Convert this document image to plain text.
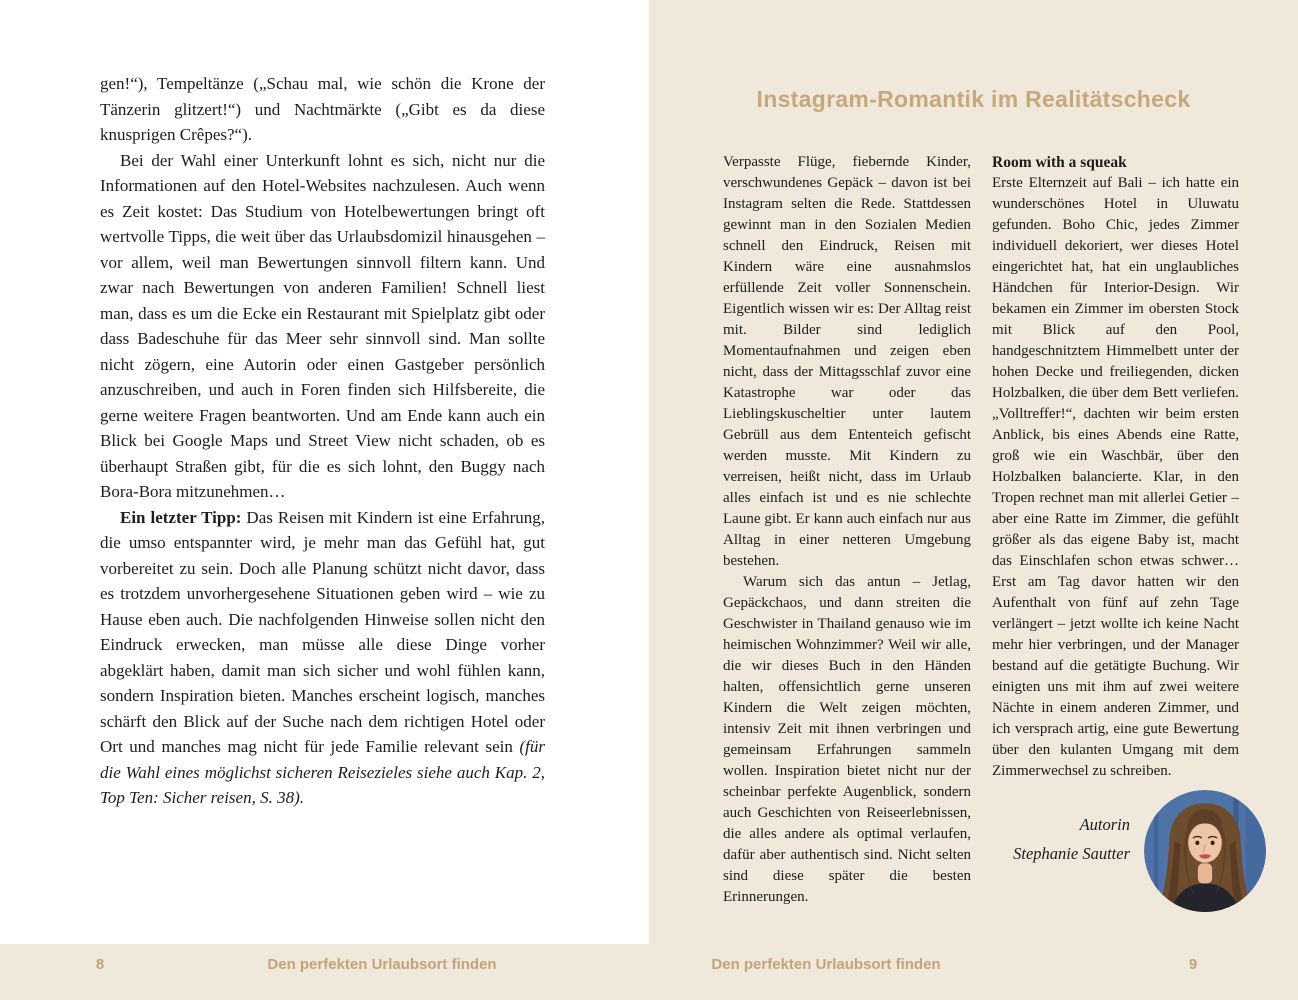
gen!“), Tempeltänze („Schau mal, wie schön die Krone der Tänzerin glitzert!“) und Nachtmärkte („Gibt es da diese knusprigen Crêpes?“).

Bei der Wahl einer Unterkunft lohnt es sich, nicht nur die Informationen auf den Hotel-Websites nachzulesen. Auch wenn es Zeit kostet: Das Studium von Hotelbewertungen bringt oft wertvolle Tipps, die weit über das Urlaubsdomizil hinausgehen – vor allem, weil man Bewertungen sinnvoll filtern kann. Und zwar nach Bewertungen von anderen Familien! Schnell liest man, dass es um die Ecke ein Restaurant mit Spielplatz gibt oder dass Badeschuhe für das Meer sehr sinnvoll sind. Man sollte nicht zögern, eine Autorin oder einen Gastgeber persönlich anzuschreiben, und auch in Foren finden sich Hilfsbereite, die gerne weitere Fragen beantworten. Und am Ende kann auch ein Blick bei Google Maps und Street View nicht schaden, ob es überhaupt Straßen gibt, für die es sich lohnt, den Buggy nach Bora-Bora mitzunehmen…

Ein letzter Tipp: Das Reisen mit Kindern ist eine Erfahrung, die umso entspannter wird, je mehr man das Gefühl hat, gut vorbereitet zu sein. Doch alle Planung schützt nicht davor, dass es trotzdem unvorhergesehene Situationen geben wird – wie zu Hause eben auch. Die nachfolgenden Hinweise sollen nicht den Eindruck erwecken, man müsse alle diese Dinge vorher abgeklärt haben, damit man sich sicher und wohl fühlen kann, sondern Inspiration bieten. Manches erscheint logisch, manches schärft den Blick auf der Suche nach dem richtigen Hotel oder Ort und manches mag nicht für jede Familie relevant sein (für die Wahl eines möglichst sicheren Reisezieles siehe auch Kap. 2, Top Ten: Sicher reisen, S. 38).

Instagram-Romantik im Realitätscheck

Verpasste Flüge, fiebernde Kinder, verschwundenes Gepäck – davon ist bei Instagram selten die Rede. Stattdessen gewinnt man in den Sozialen Medien schnell den Eindruck, Reisen mit Kindern wäre eine ausnahmslos erfüllende Zeit voller Sonnenschein. Eigentlich wissen wir es: Der Alltag reist mit. Bilder sind lediglich Momentaufnahmen und zeigen eben nicht, dass der Mittagsschlaf zuvor eine Katastrophe war oder das Lieblingskuscheltier unter lautem Gebrüll aus dem Ententeich gefischt werden musste. Mit Kindern zu verreisen, heißt nicht, dass im Urlaub alles einfach ist und es nie schlechte Laune gibt. Er kann auch einfach nur aus Alltag in einer netteren Umgebung bestehen.

Warum sich das antun – Jetlag, Gepäckchaos, und dann streiten die Geschwister in Thailand genauso wie im heimischen Wohnzimmer? Weil wir alle, die wir dieses Buch in den Händen halten, offensichtlich gerne unseren Kindern die Welt zeigen möchten, intensiv Zeit mit ihnen verbringen und gemeinsam Erfahrungen sammeln wollen. Inspiration bietet nicht nur der scheinbar perfekte Augenblick, sondern auch Geschichten von Reiseerlebnissen, die alles andere als optimal verlaufen, dafür aber authentisch sind. Nicht selten sind diese später die besten Erinnerungen.

Room with a squeak

Erste Elternzeit auf Bali – ich hatte ein wunderschönes Hotel in Uluwatu gefunden. Boho Chic, jedes Zimmer individuell dekoriert, wer dieses Hotel eingerichtet hat, hat ein unglaubliches Händchen für Interior-Design. Wir bekamen ein Zimmer im obersten Stock mit Blick auf den Pool, handgeschnitztem Himmelbett unter der hohen Decke und freiliegenden, dicken Holzbalken, die über dem Bett verliefen. „Volltreffer!“, dachten wir beim ersten Anblick, bis eines Abends eine Ratte, groß wie ein Waschbär, über den Holzbalken balancierte. Klar, in den Tropen rechnet man mit allerlei Getier – aber eine Ratte im Zimmer, die gefühlt größer als das eigene Baby ist, macht das Einschlafen schon etwas schwer… Erst am Tag davor hatten wir den Aufenthalt von fünf auf zehn Tage verlängert – jetzt wollte ich keine Nacht mehr hier verbringen, und der Manager bestand auf die getätigte Buchung. Wir einigten uns mit ihm auf zwei weitere Nächte in einem anderen Zimmer, und ich versprach artig, eine gute Bewertung über den kulanten Umgang mit dem Zimmerwechsel zu schreiben.

Autorin
Stephanie Sautter
8	Den perfekten Urlaubsort finden	Den perfekten Urlaubsort finden	9
